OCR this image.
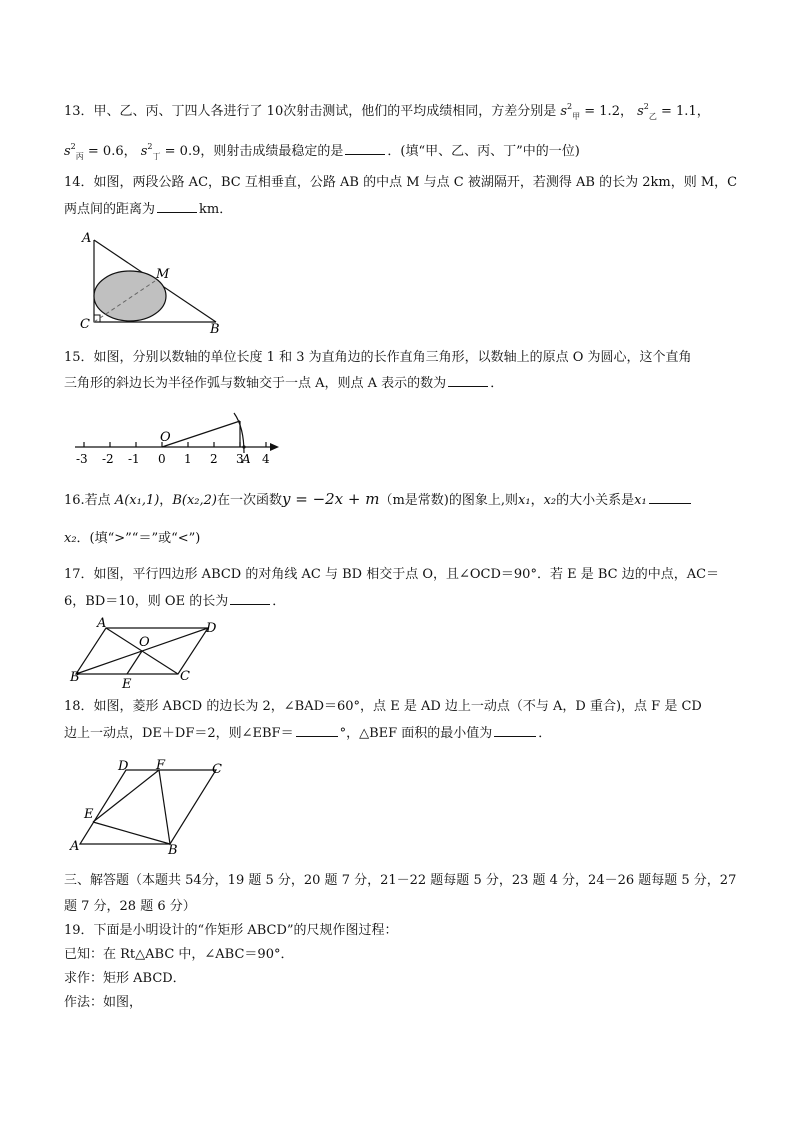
13．甲、乙、丙、丁四人各进行了 10次射击测试，他们的平均成绩相同，方差分别是 $s^2_甲 = 1.2$， $s^2_乙 = 1.1$，
$s^2_丙 = 0.6$， $s^2_丁 = 0.9$，则射击成绩最稳定的是	．(填“甲、乙、丙、丁”中的一位)
14．如图，两段公路 AC，BC 互相垂直，公路 AB 的中点 M 与点 C 被湖隔开，若测得 AB 的长为 2km，则 M，C
两点间的距离为	km．
A
M
C	B
15．如图，分别以数轴的单位长度 1 和 3 为直角边的长作直角三角形，以数轴上的原点 O 为圆心，这个直角
三角形的斜边长为半径作弧与数轴交于一点 A，则点 A 表示的数为	．
O
A
-3 -2 -1 0 1 2 3 4
16.若点 A(x₁,1)，B(x₂,2)在一次函数y = −2x + m（m是常数)的图象上,则x₁，x₂的大小关系是x₁
x₂．(填“>”“＝”或“<”)
17．如图，平行四边形 ABCD 的对角线 AC 与 BD 相交于点 O，且∠OCD＝90°．若 E 是 BC 边的中点，AC＝
6，BD＝10，则 OE 的长为	．
A	D
O
B	E
C
18．如图，菱形 ABCD 的边长为 2，∠BAD＝60°，点 E 是 AD 边上一动点（不与 A，D 重合)，点 F 是 CD
边上一动点，DE＋DF＝2，则∠EBF＝	°，△BEF 面积的最小值为	．
D F	C
E
A	B
三、解答题（本题共 54分，19 题 5 分，20 题 7 分，21－22 题每题 5 分，23 题 4 分，24－26 题每题 5 分，27
题 7 分，28 题 6 分）
19．下面是小明设计的“作矩形 ABCD”的尺规作图过程：
已知：在 Rt△ABC 中，∠ABC＝90°．
求作：矩形 ABCD．
作法：如图，
